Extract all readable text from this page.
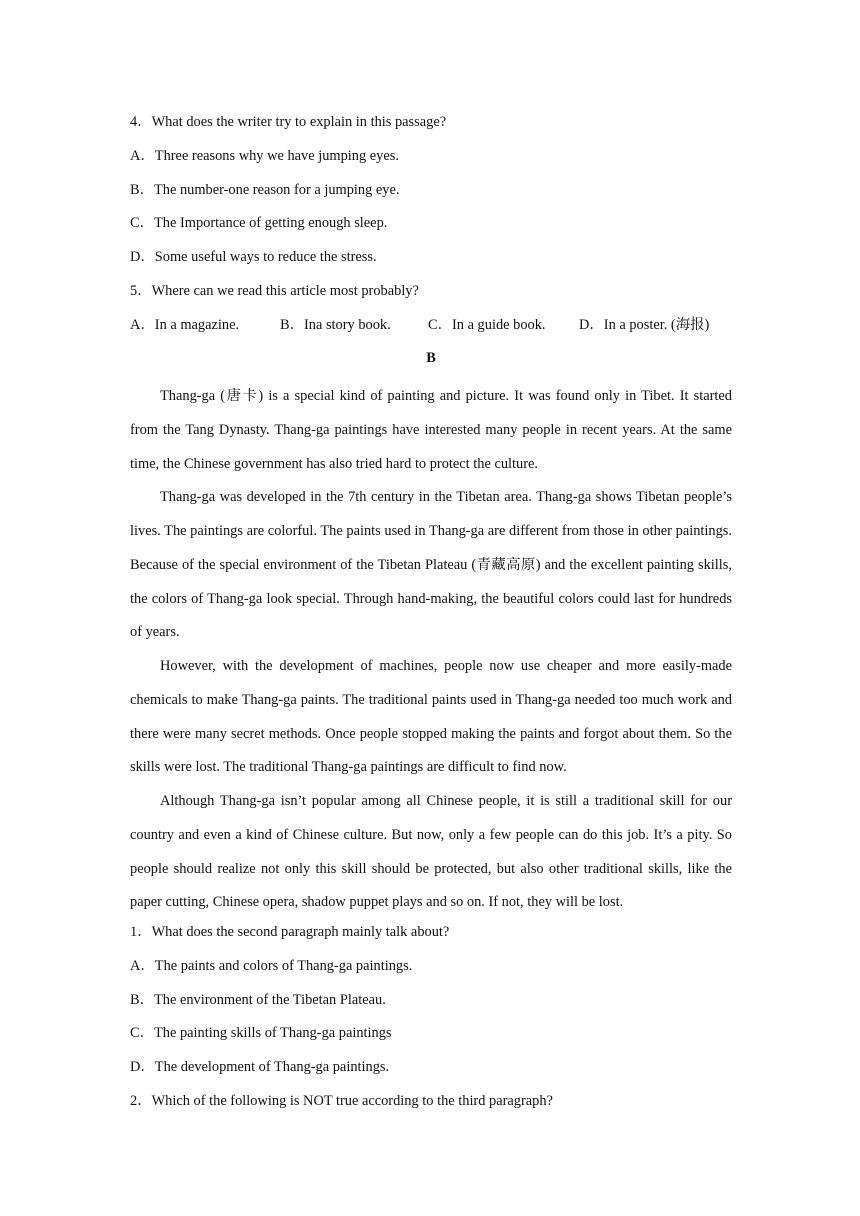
4．What does the writer try to explain in this passage?
A．Three reasons why we have jumping eyes.
B．The number-one reason for a jumping eye.
C．The Importance of getting enough sleep.
D．Some useful ways to reduce the stress.
5．Where can we read this article most probably?
A．In a magazine.	B．Ina story book.	C．In a guide book.	D．In a poster. (海报)
B

Thang-ga (唐卡) is a special kind of painting and picture. It was found only in Tibet. It started from the Tang Dynasty. Thang-ga paintings have interested many people in recent years. At the same time, the Chinese government has also tried hard to protect the culture.

Thang-ga was developed in the 7th century in the Tibetan area. Thang-ga shows Tibetan people’s lives. The paintings are colorful. The paints used in Thang-ga are different from those in other paintings. Because of the special environment of the Tibetan Plateau (青藏高原) and the excellent painting skills, the colors of Thang-ga look special. Through hand-making, the beautiful colors could last for hundreds of years.

However, with the development of machines, people now use cheaper and more easily-made chemicals to make Thang-ga paints. The traditional paints used in Thang-ga needed too much work and there were many secret methods. Once people stopped making the paints and forgot about them. So the skills were lost. The traditional Thang-ga paintings are difficult to find now.

Although Thang-ga isn’t popular among all Chinese people, it is still a traditional skill for our country and even a kind of Chinese culture. But now, only a few people can do this job. It’s a pity. So people should realize not only this skill should be protected, but also other traditional skills, like the paper cutting, Chinese opera, shadow puppet plays and so on. If not, they will be lost.

1．What does the second paragraph mainly talk about?
A．The paints and colors of Thang-ga paintings.
B．The environment of the Tibetan Plateau.
C．The painting skills of Thang-ga paintings
D．The development of Thang-ga paintings.
2．Which of the following is NOT true according to the third paragraph?
